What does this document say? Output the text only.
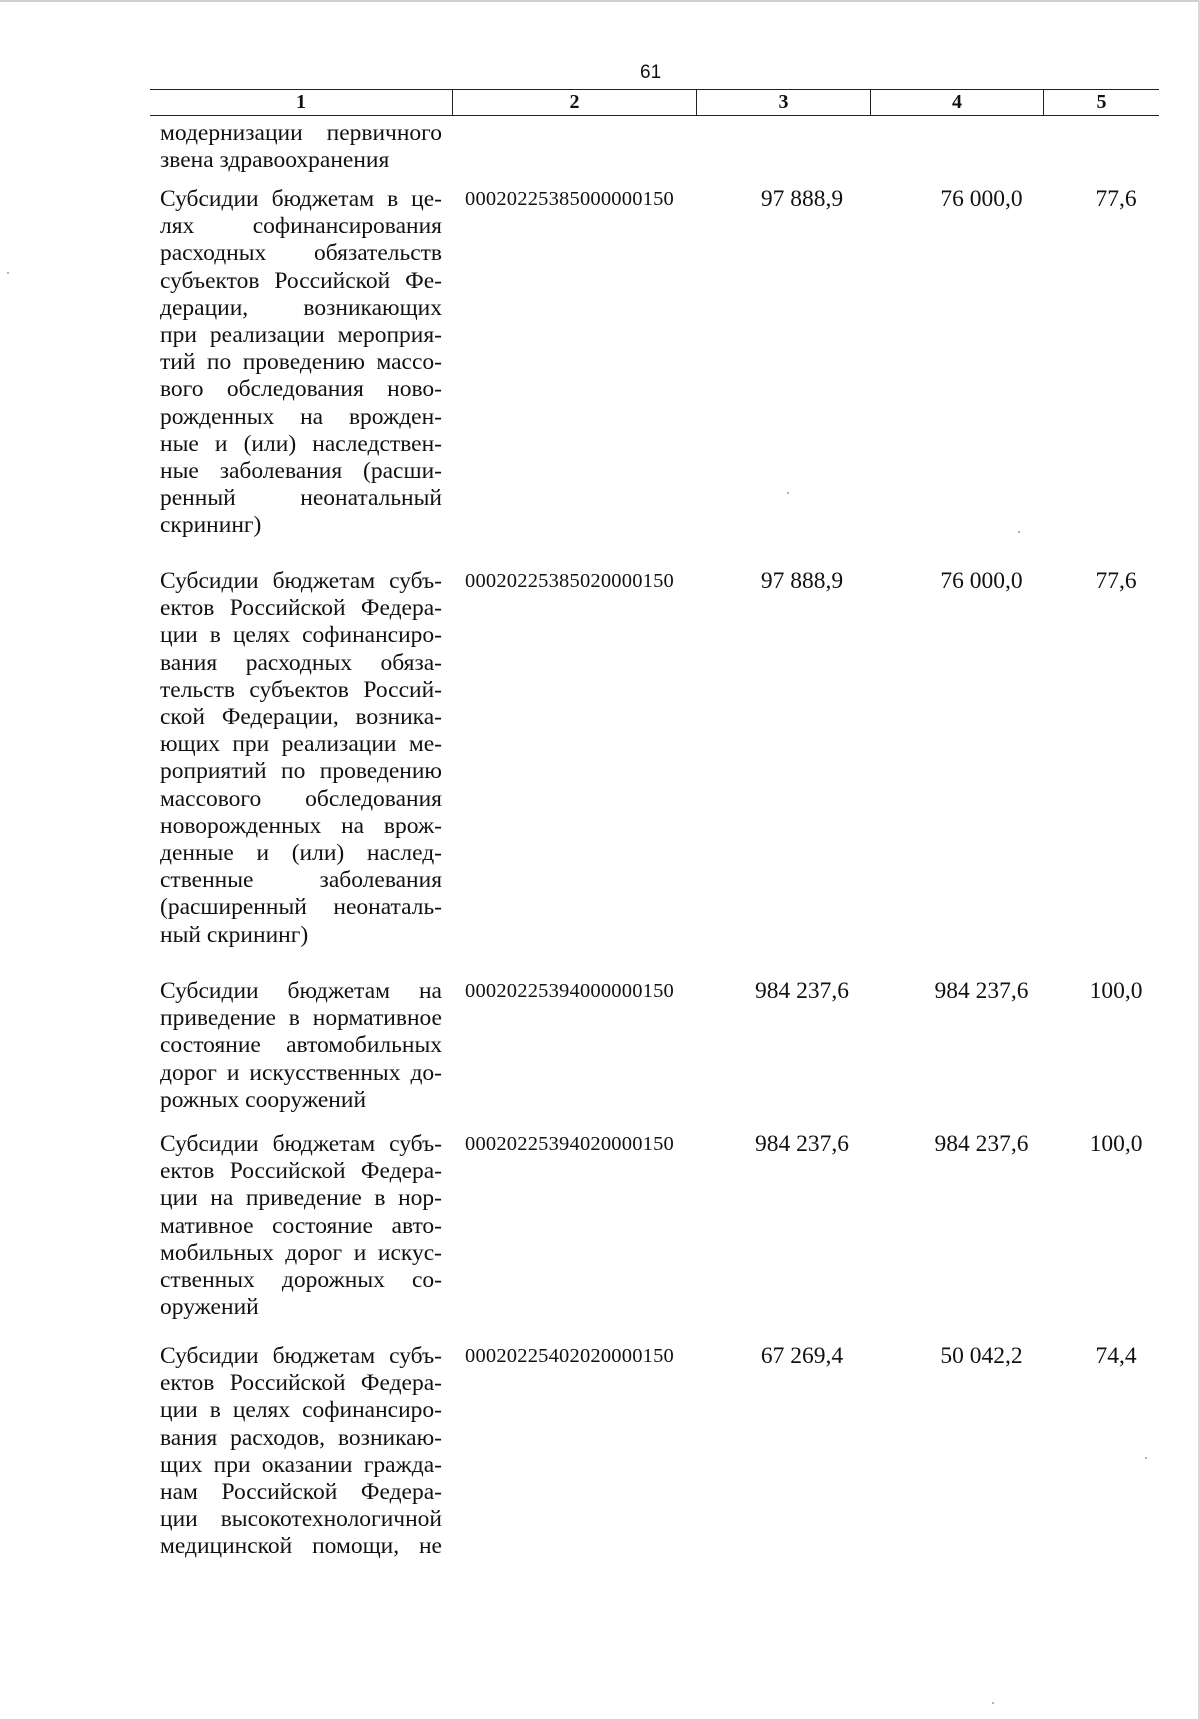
61
1	2	3	4	5
модернизации первичного
звена здравоохранения
Субсидии бюджетам в це-
лях софинансирования
расходных обязательств
субъектов Российской Фе-
дерации, возникающих
при реализации мероприя-
тий по проведению массо-
вого обследования ново-
рожденных на врожден-
ные и (или) наследствен-
ные заболевания (расши-
ренный неонатальный
скрининг)
00020225385000000150	97 888,9	76 000,0	77,6
Субсидии бюджетам субъ-
ектов Российской Федера-
ции в целях софинансиро-
вания расходных обяза-
тельств субъектов Россий-
ской Федерации, возника-
ющих при реализации ме-
роприятий по проведению
массового обследования
новорожденных на врож-
денные и (или) наслед-
ственные заболевания
(расширенный неонаталь-
ный скрининг)
00020225385020000150	97 888,9	76 000,0	77,6
Субсидии бюджетам на
приведение в нормативное
состояние автомобильных
дорог и искусственных до-
рожных сооружений
00020225394000000150	984 237,6	984 237,6	100,0
Субсидии бюджетам субъ-
ектов Российской Федера-
ции на приведение в нор-
мативное состояние авто-
мобильных дорог и искус-
ственных дорожных со-
оружений
00020225394020000150	984 237,6	984 237,6	100,0
Субсидии бюджетам субъ-
ектов Российской Федера-
ции в целях софинансиро-
вания расходов, возникаю-
щих при оказании гражда-
нам Российской Федера-
ции высокотехнологичной
медицинской помощи, не
00020225402020000150	67 269,4	50 042,2	74,4
